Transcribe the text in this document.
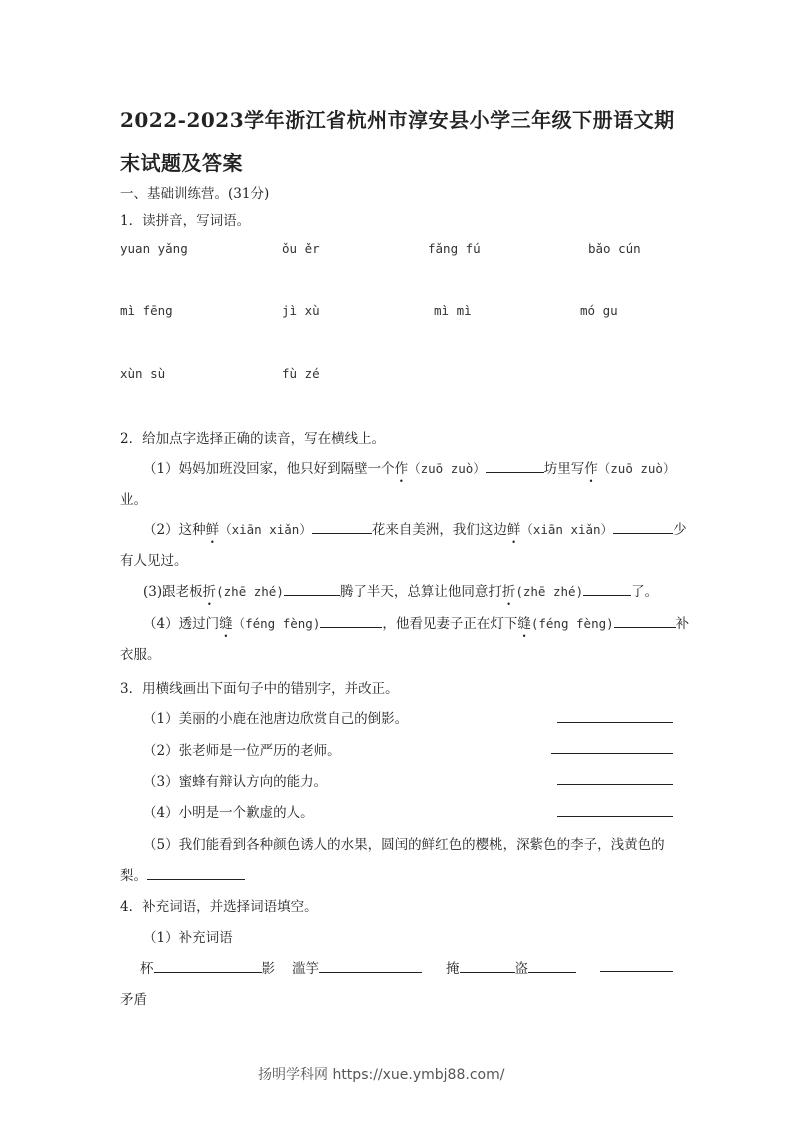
2022-2023学年浙江省杭州市淳安县小学三年级下册语文期
末试题及答案
一、基础训练营。(31分)
1．读拼音，写词语。
yuan yǎng	ǒu ěr	fǎng fú	bǎo cún
mì fēng	jì xù	mì mì	mó gu
xùn sù	fù zé
2．给加点字选择正确的读音，写在横线上。
（1）妈妈加班没回家，他只好到隔壁一个作（zuō zuò）	坊里写作（zuō zuò）
业。
（2）这种鲜（xiān xiǎn）	花来自美洲，我们这边鲜（xiān xiǎn）	少
有人见过。
(3)跟老板折(zhē zhé)	腾了半天，总算让他同意打折(zhē zhé)	了。
（4）透过门缝（féng fèng)	，他看见妻子正在灯下缝(féng fèng)	补
衣服。
3．用横线画出下面句子中的错别字，并改正。
（1）美丽的小鹿在池唐边欣赏自己的倒影。
（2）张老师是一位严历的老师。
（3）蜜蜂有辩认方向的能力。
（4）小明是一个歉虚的人。
（5）我们能看到各种颜色诱人的水果，圆闰的鲜红色的樱桃，深紫色的李子，浅黄色的
梨。
4．补充词语，并选择词语填空。
（1）补充词语
杯	影 滥竽	掩	盗
矛盾
扬明学科网 https://xue.ymbj88.com/
